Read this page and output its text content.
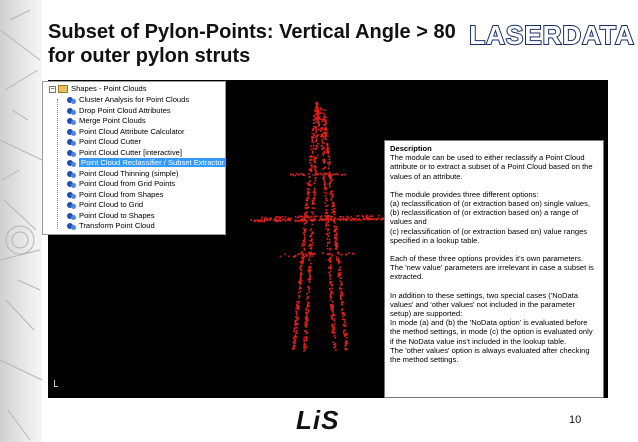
Subset of Pylon-Points: Vertical Angle > 80
for outer pylon struts
LASERDATA
− Shapes - Point Clouds
Cluster Analysis for Point Clouds
Drop Point Cloud Attributes
Merge Point Clouds
Point Cloud Attribute Calculator
Point Cloud Cutter
Point Cloud Cutter [interactive]
Point Cloud Reclassifier / Subset Extractor
Point Cloud Thinning (simple)
Point Cloud from Grid Points
Point Cloud from Shapes
Point Cloud to Grid
Point Cloud to Shapes
Transform Point Cloud

Description

The module can be used to either reclassify a Point Cloud attribute or to extract a subset of a Point Cloud based on the values of an attribute.

The module provides three different options:
(a) reclassification of (or extraction based on) single values,
(b) reclassification of (or extraction based on) a range of values and
(c) reclassification of (or extraction based on) value ranges specified in a lookup table.

Each of these three options provides it's own parameters. The 'new value' parameters are irrelevant in case a subset is extracted.

In addition to these settings, two special cases ('NoData values' and 'other values' not included in the parameter setup) are supported:
In mode (a) and (b) the 'NoData option' is evaluated before the method settings, in mode (c) the option is evaluated only if the NoData value ins't included in the lookup table.
The 'other values' option is always evaluated after checking the method settings.

LiS	10
